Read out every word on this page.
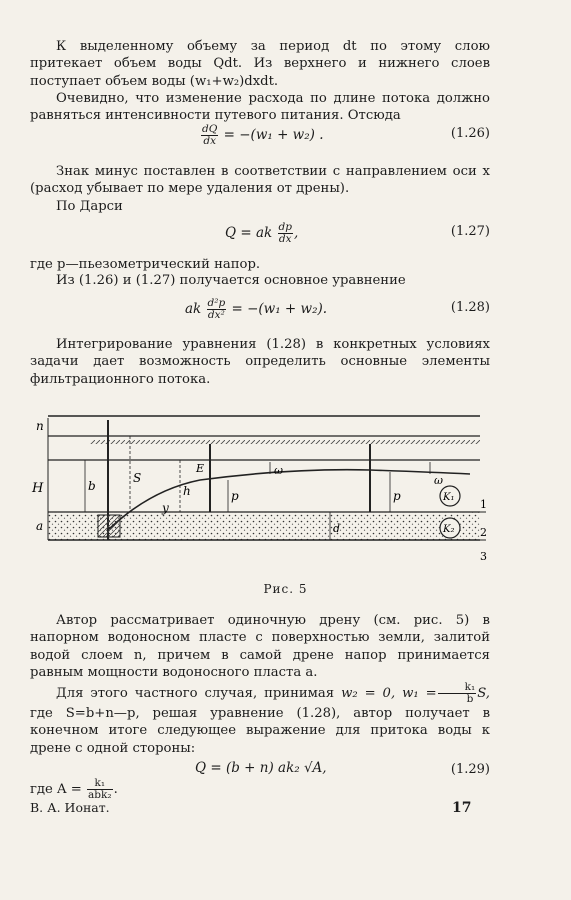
К выделенному объему за период dt по этому слою притекает объем воды Qdt. Из верхнего и нижнего слоев поступает объем воды (w₁+w₂)dxdt.
Очевидно, что изменение расхода по длине потока должно равняться интенсивности путевого питания. Отсюда
$\frac{dQ}{dx} = -(w_1 + w_2)$ .	(1.26)
Знак минус поставлен в соответствии с направлением оси x (расход убывает по мере удаления от дрены).
По Дарси
Q = ak $\frac{dp}{dx}$ ,	(1.27)
где p—пьезометрический напор.
Из (1.26) и (1.27) получается основное уравнение
ak $\frac{\text{d²p}}{\text{dx²}} = -(w_1 + w_2)$.	(1.28)
Интегрирование уравнения (1.28) в конкретных условиях задачи дает возможность определить основные элементы фильтрационного потока.
n
H
a
b
S
h
E
y
p	p
ω
ω
d
K₁
K₂
1
2
3
Рис. 5
Автор рассматривает одиночную дрену (см. рис. 5) в напорном водоносном пласте с поверхностью земли, залитой водой слоем n, причем в самой дрене напор принимается равным мощности водоносного пласта a.
Для этого частного случая, принимая w₂ = 0, $w_1 = \frac{\text{k₁}}{b} S$, где S=b+n—p, решая уравнение (1.28), автор получает в конечном итоге следующее выражение для притока воды к дрене с одной стороны:
Q = (b + n) ak₂ √A,	(1.29)
где $A = \frac{\text{k₁}}{\text{abk₂}}$ .
В. А. Ионат.	17
